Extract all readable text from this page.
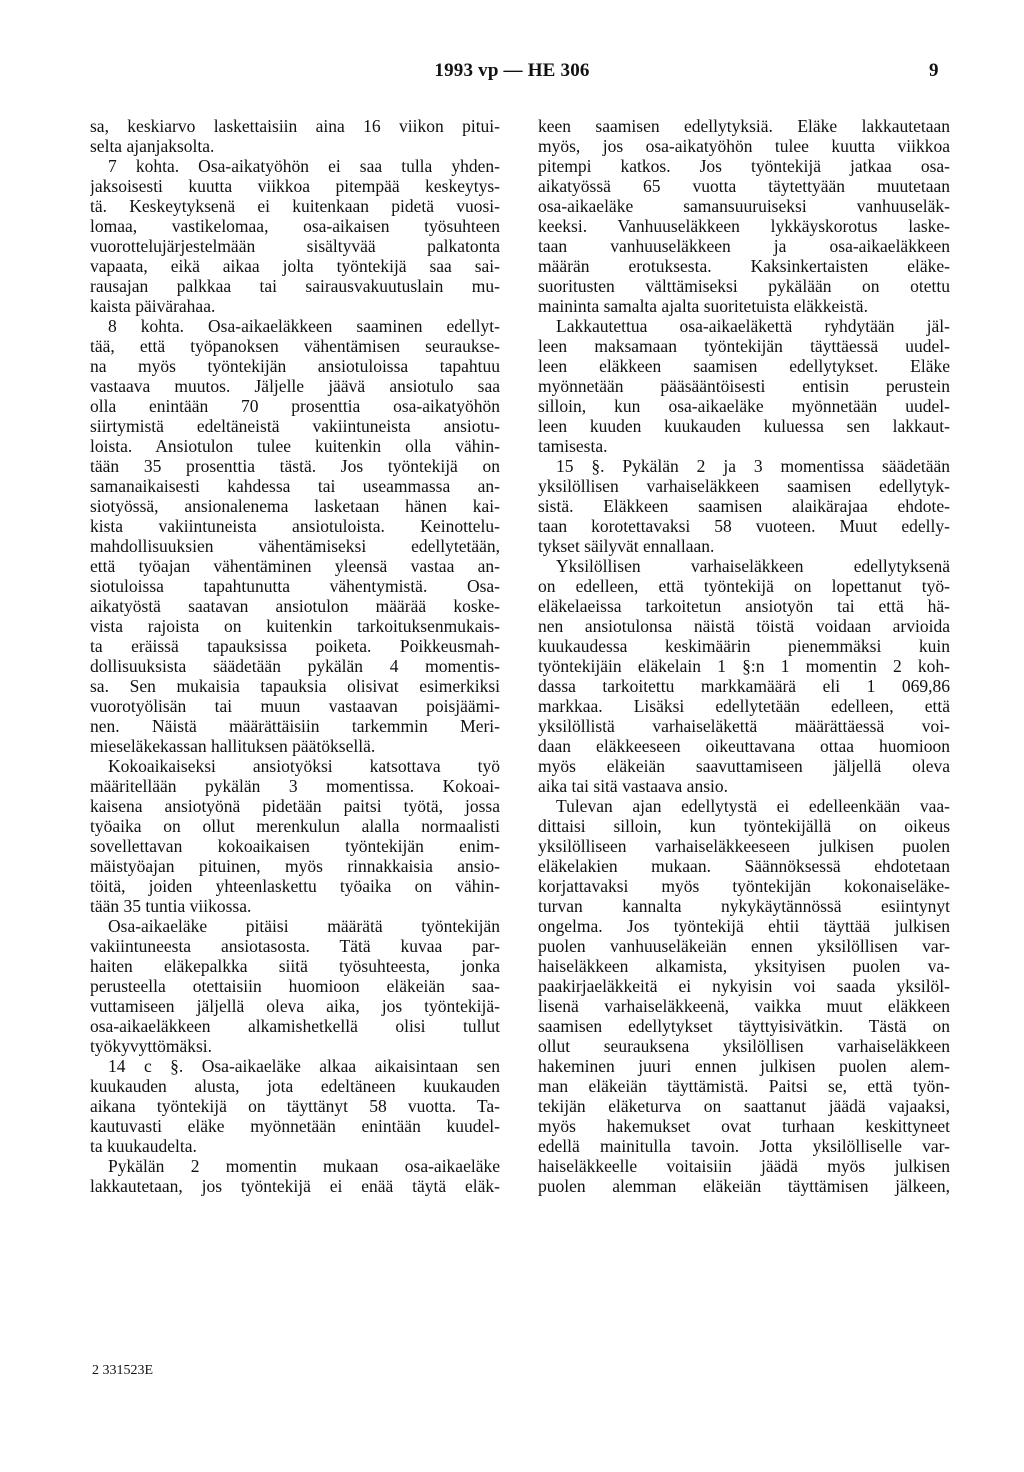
1993 vp — HE 306	9
sa, keskiarvo laskettaisiin aina 16 viikon pitui-
selta ajanjaksolta.
7 kohta. Osa-aikatyöhön ei saa tulla yhden-
jaksoisesti kuutta viikkoa pitempää keskeytys-
tä. Keskeytyksenä ei kuitenkaan pidetä vuosi-
lomaa, vastikelomaa, osa-aikaisen työsuhteen
vuorottelujärjestelmään sisältyvää palkatonta
vapaata, eikä aikaa jolta työntekijä saa sai-
rausajan palkkaa tai sairausvakuutuslain mu-
kaista päivärahaa.
8 kohta. Osa-aikaeläkkeen saaminen edellyt-
tää, että työpanoksen vähentämisen seuraukse-
na myös työntekijän ansiotuloissa tapahtuu
vastaava muutos. Jäljelle jäävä ansiotulo saa
olla enintään 70 prosenttia osa-aikatyöhön
siirtymistä edeltäneistä vakiintuneista ansiotu-
loista. Ansiotulon tulee kuitenkin olla vähin-
tään 35 prosenttia tästä. Jos työntekijä on
samanaikaisesti kahdessa tai useammassa an-
siotyössä, ansionalenema lasketaan hänen kai-
kista vakiintuneista ansiotuloista. Keinottelu-
mahdollisuuksien vähentämiseksi edellytetään,
että työajan vähentäminen yleensä vastaa an-
siotuloissa tapahtunutta vähentymistä. Osa-
aikatyöstä saatavan ansiotulon määrää koske-
vista rajoista on kuitenkin tarkoituksenmukais-
ta eräissä tapauksissa poiketa. Poikkeusmah-
dollisuuksista säädetään pykälän 4 momentis-
sa. Sen mukaisia tapauksia olisivat esimerkiksi
vuorotyölisän tai muun vastaavan poisjäämi-
nen. Näistä määrättäisiin tarkemmin Meri-
mieseläkekassan hallituksen päätöksellä.
Kokoaikaiseksi ansiotyöksi katsottava työ
määritellään pykälän 3 momentissa. Kokoai-
kaisena ansiotyönä pidetään paitsi työtä, jossa
työaika on ollut merenkulun alalla normaalisti
sovellettavan kokoaikaisen työntekijän enim-
mäistyöajan pituinen, myös rinnakkaisia ansio-
töitä, joiden yhteenlaskettu työaika on vähin-
tään 35 tuntia viikossa.
Osa-aikaeläke pitäisi määrätä työntekijän
vakiintuneesta ansiotasosta. Tätä kuvaa par-
haiten eläkepalkka siitä työsuhteesta, jonka
perusteella otettaisiin huomioon eläkeiän saa-
vuttamiseen jäljellä oleva aika, jos työntekijä-
osa-aikaeläkkeen alkamishetkellä olisi tullut
työkyvyttömäksi.
14 c §. Osa-aikaeläke alkaa aikaisintaan sen
kuukauden alusta, jota edeltäneen kuukauden
aikana työntekijä on täyttänyt 58 vuotta. Ta-
kautuvasti eläke myönnetään enintään kuudel-
ta kuukaudelta.
Pykälän 2 momentin mukaan osa-aikaeläke
lakkautetaan, jos työntekijä ei enää täytä eläk-
keen saamisen edellytyksiä. Eläke lakkautetaan
myös, jos osa-aikatyöhön tulee kuutta viikkoa
pitempi katkos. Jos työntekijä jatkaa osa-
aikatyössä 65 vuotta täytettyään muutetaan
osa-aikaeläke samansuuruiseksi vanhuuseläk-
keeksi. Vanhuuseläkkeen lykkäyskorotus laske-
taan vanhuuseläkkeen ja osa-aikaeläkkeen
määrän erotuksesta. Kaksinkertaisten eläke-
suoritusten välttämiseksi pykälään on otettu
maininta samalta ajalta suoritetuista eläkkeistä.
Lakkautettua osa-aikaeläkettä ryhdytään jäl-
leen maksamaan työntekijän täyttäessä uudel-
leen eläkkeen saamisen edellytykset. Eläke
myönnetään pääsääntöisesti entisin perustein
silloin, kun osa-aikaeläke myönnetään uudel-
leen kuuden kuukauden kuluessa sen lakkaut-
tamisesta.
15 §. Pykälän 2 ja 3 momentissa säädetään
yksilöllisen varhaiseläkkeen saamisen edellytyk-
sistä. Eläkkeen saamisen alaikärajaa ehdote-
taan korotettavaksi 58 vuoteen. Muut edelly-
tykset säilyvät ennallaan.
Yksilöllisen varhaiseläkkeen edellytyksenä
on edelleen, että työntekijä on lopettanut työ-
eläkelaeissa tarkoitetun ansiotyön tai että hä-
nen ansiotulonsa näistä töistä voidaan arvioida
kuukaudessa keskimäärin pienemmäksi kuin
työntekijäin eläkelain 1 §:n 1 momentin 2 koh-
dassa tarkoitettu markkamäärä eli 1 069,86
markkaa. Lisäksi edellytetään edelleen, että
yksilöllistä varhaiseläkettä määrättäessä voi-
daan eläkkeeseen oikeuttavana ottaa huomioon
myös eläkeiän saavuttamiseen jäljellä oleva
aika tai sitä vastaava ansio.
Tulevan ajan edellytystä ei edelleenkään vaa-
dittaisi silloin, kun työntekijällä on oikeus
yksilölliseen varhaiseläkkeeseen julkisen puolen
eläkelakien mukaan. Säännöksessä ehdotetaan
korjattavaksi myös työntekijän kokonaiseläke-
turvan kannalta nykykäytännössä esiintynyt
ongelma. Jos työntekijä ehtii täyttää julkisen
puolen vanhuuseläkeiän ennen yksilöllisen var-
haiseläkkeen alkamista, yksityisen puolen va-
paakirjaeläkkeitä ei nykyisin voi saada yksilöl-
lisenä varhaiseläkkeenä, vaikka muut eläkkeen
saamisen edellytykset täyttyisivätkin. Tästä on
ollut seurauksena yksilöllisen varhaiseläkkeen
hakeminen juuri ennen julkisen puolen alem-
man eläkeiän täyttämistä. Paitsi se, että työn-
tekijän eläketurva on saattanut jäädä vajaaksi,
myös hakemukset ovat turhaan keskittyneet
edellä mainitulla tavoin. Jotta yksilölliselle var-
haiseläkkeelle voitaisiin jäädä myös julkisen
puolen alemman eläkeiän täyttämisen jälkeen,
2 331523E
